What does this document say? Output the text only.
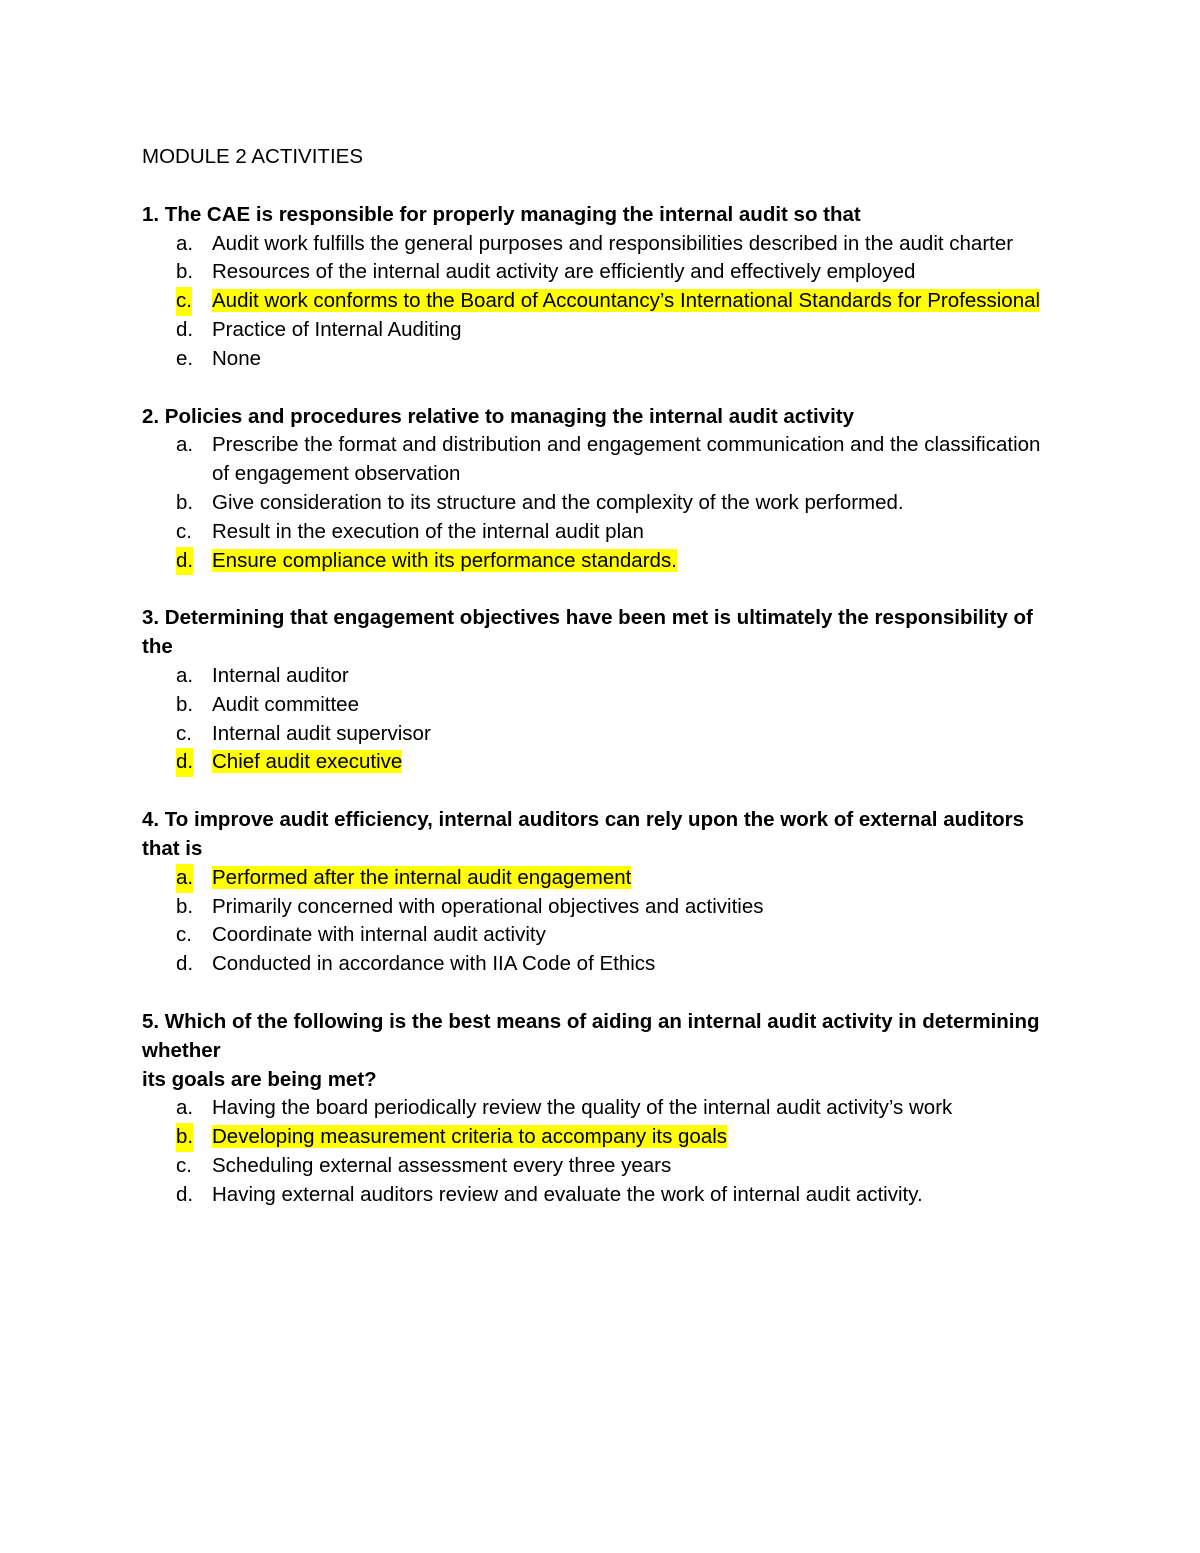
MODULE 2 ACTIVITIES
1. The CAE is responsible for properly managing the internal audit so that
a. Audit work fulfills the general purposes and responsibilities described in the audit charter
b. Resources of the internal audit activity are efficiently and effectively employed
c. Audit work conforms to the Board of Accountancy’s International Standards for Professional
d. Practice of Internal Auditing
e. None
2. Policies and procedures relative to managing the internal audit activity
a. Prescribe the format and distribution and engagement communication and the classification of engagement observation
b. Give consideration to its structure and the complexity of the work performed.
c. Result in the execution of the internal audit plan
d. Ensure compliance with its performance standards.
3. Determining that engagement objectives have been met is ultimately the responsibility of the
a. Internal auditor
b. Audit committee
c. Internal audit supervisor
d. Chief audit executive
4. To improve audit efficiency, internal auditors can rely upon the work of external auditors that is
a. Performed after the internal audit engagement
b. Primarily concerned with operational objectives and activities
c. Coordinate with internal audit activity
d. Conducted in accordance with IIA Code of Ethics
5. Which of the following is the best means of aiding an internal audit activity in determining whether
its goals are being met?
a. Having the board periodically review the quality of the internal audit activity’s work
b. Developing measurement criteria to accompany its goals
c. Scheduling external assessment every three years
d. Having external auditors review and evaluate the work of internal audit activity.
